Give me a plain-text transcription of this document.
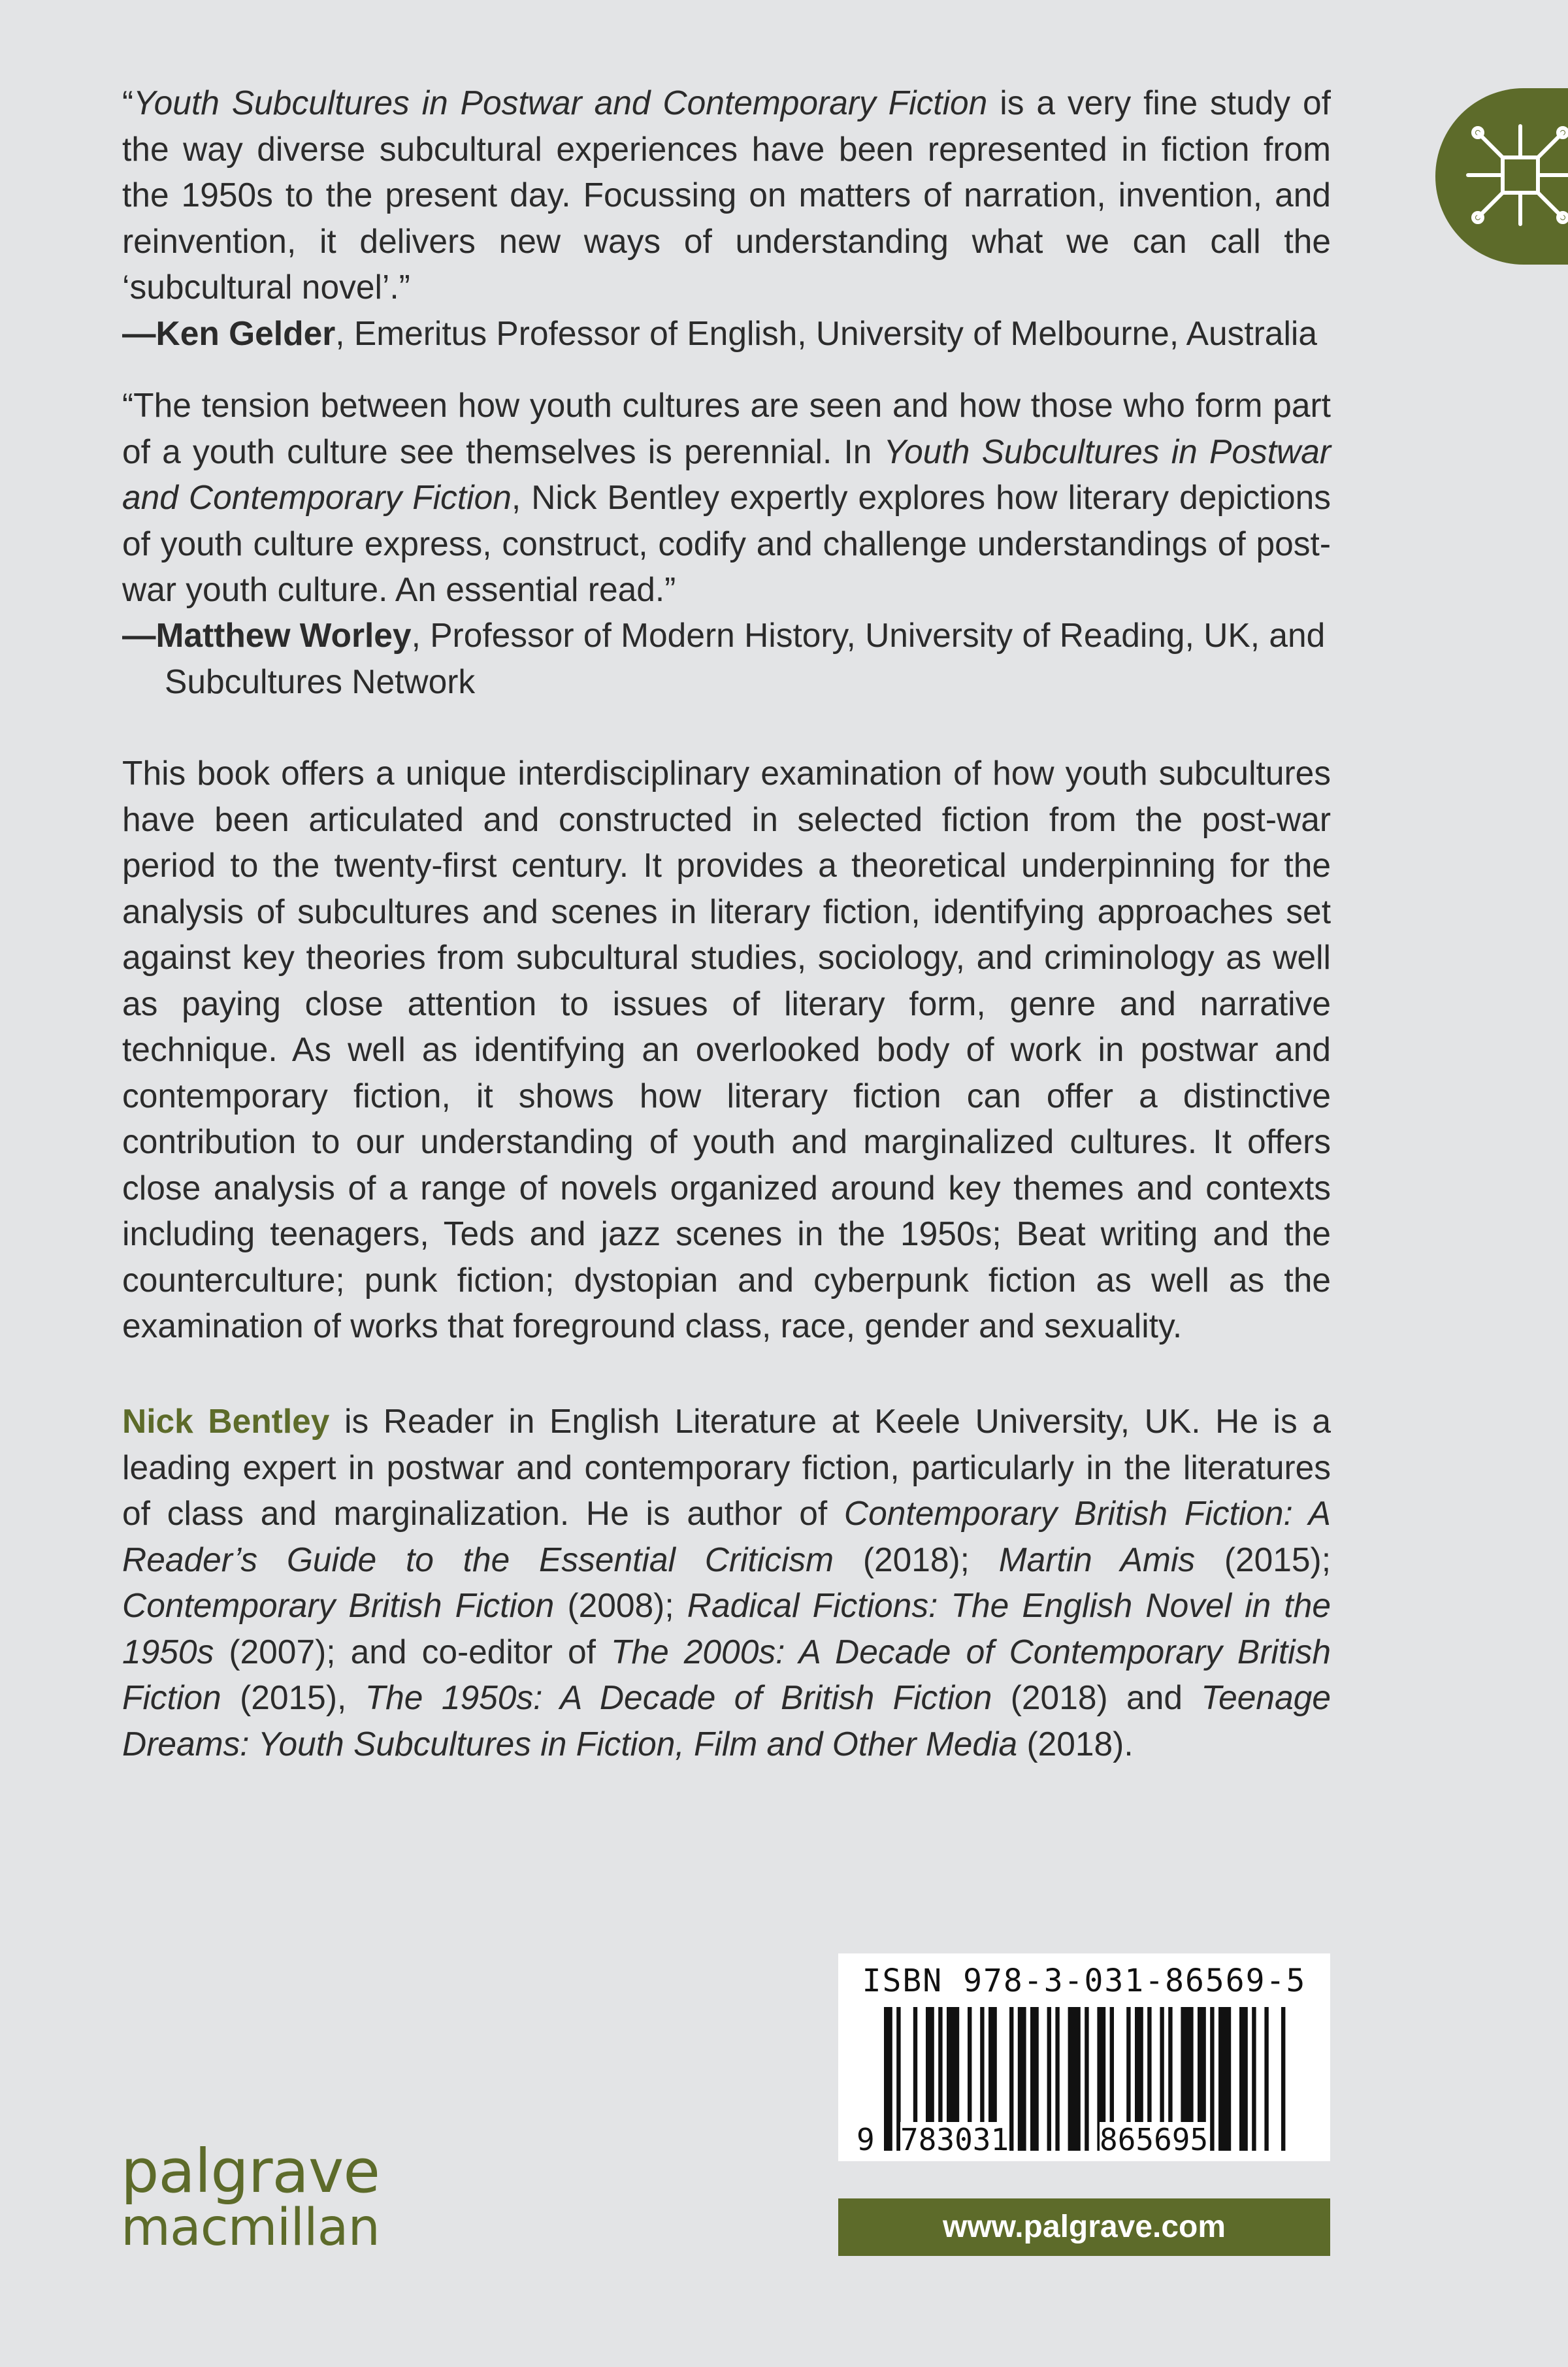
“Youth Subcultures in Postwar and Contemporary Fiction is a very fine study of the way diverse subcultural experiences have been represented in fiction from the 1950s to the present day. Focussing on matters of narration, invention, and reinvention, it delivers new ways of understanding what we can call the ‘subcultural novel’.”

—Ken Gelder, Emeritus Professor of English, University of Melbourne, Australia

“The tension between how youth cultures are seen and how those who form part of a youth culture see themselves is perennial. In Youth Subcultures in Postwar and Contemporary Fiction, Nick Bentley expertly explores how literary depictions of youth culture express, construct, codify and challenge understandings of post-war youth culture. An essential read.”

—Matthew Worley, Professor of Modern History, University of Reading, UK, and Subcultures Network

This book offers a unique interdisciplinary examination of how youth subcultures have been articulated and constructed in selected fiction from the post-war period to the twenty-first century. It provides a theoretical underpinning for the analysis of subcultures and scenes in literary fiction, identifying approaches set against key theories from subcultural studies, sociology, and criminology as well as paying close attention to issues of literary form, genre and narrative technique. As well as identifying an overlooked body of work in postwar and contemporary fiction, it shows how literary fiction can offer a distinctive contribution to our understanding of youth and marginalized cultures. It offers close analysis of a range of novels organized around key themes and contexts including teenagers, Teds and jazz scenes in the 1950s; Beat writing and the counterculture; punk fiction; dystopian and cyberpunk fiction as well as the examination of works that foreground class, race, gender and sexuality.

Nick Bentley is Reader in English Literature at Keele University, UK. He is a leading expert in postwar and contemporary fiction, particularly in the literatures of class and marginalization. He is author of Contemporary British Fiction: A Reader’s Guide to the Essential Criticism (2018); Martin Amis (2015); Contemporary British Fiction (2008); Radical Fictions: The English Novel in the 1950s (2007); and co-editor of The 2000s: A Decade of Contemporary British Fiction (2015), The 1950s: A Decade of British Fiction (2018) and Teenage Dreams: Youth Subcultures in Fiction, Film and Other Media (2018).

palgrave
macmillan
ISBN 978-3-031-86569-5
9 783031	865695
www.palgrave.com
